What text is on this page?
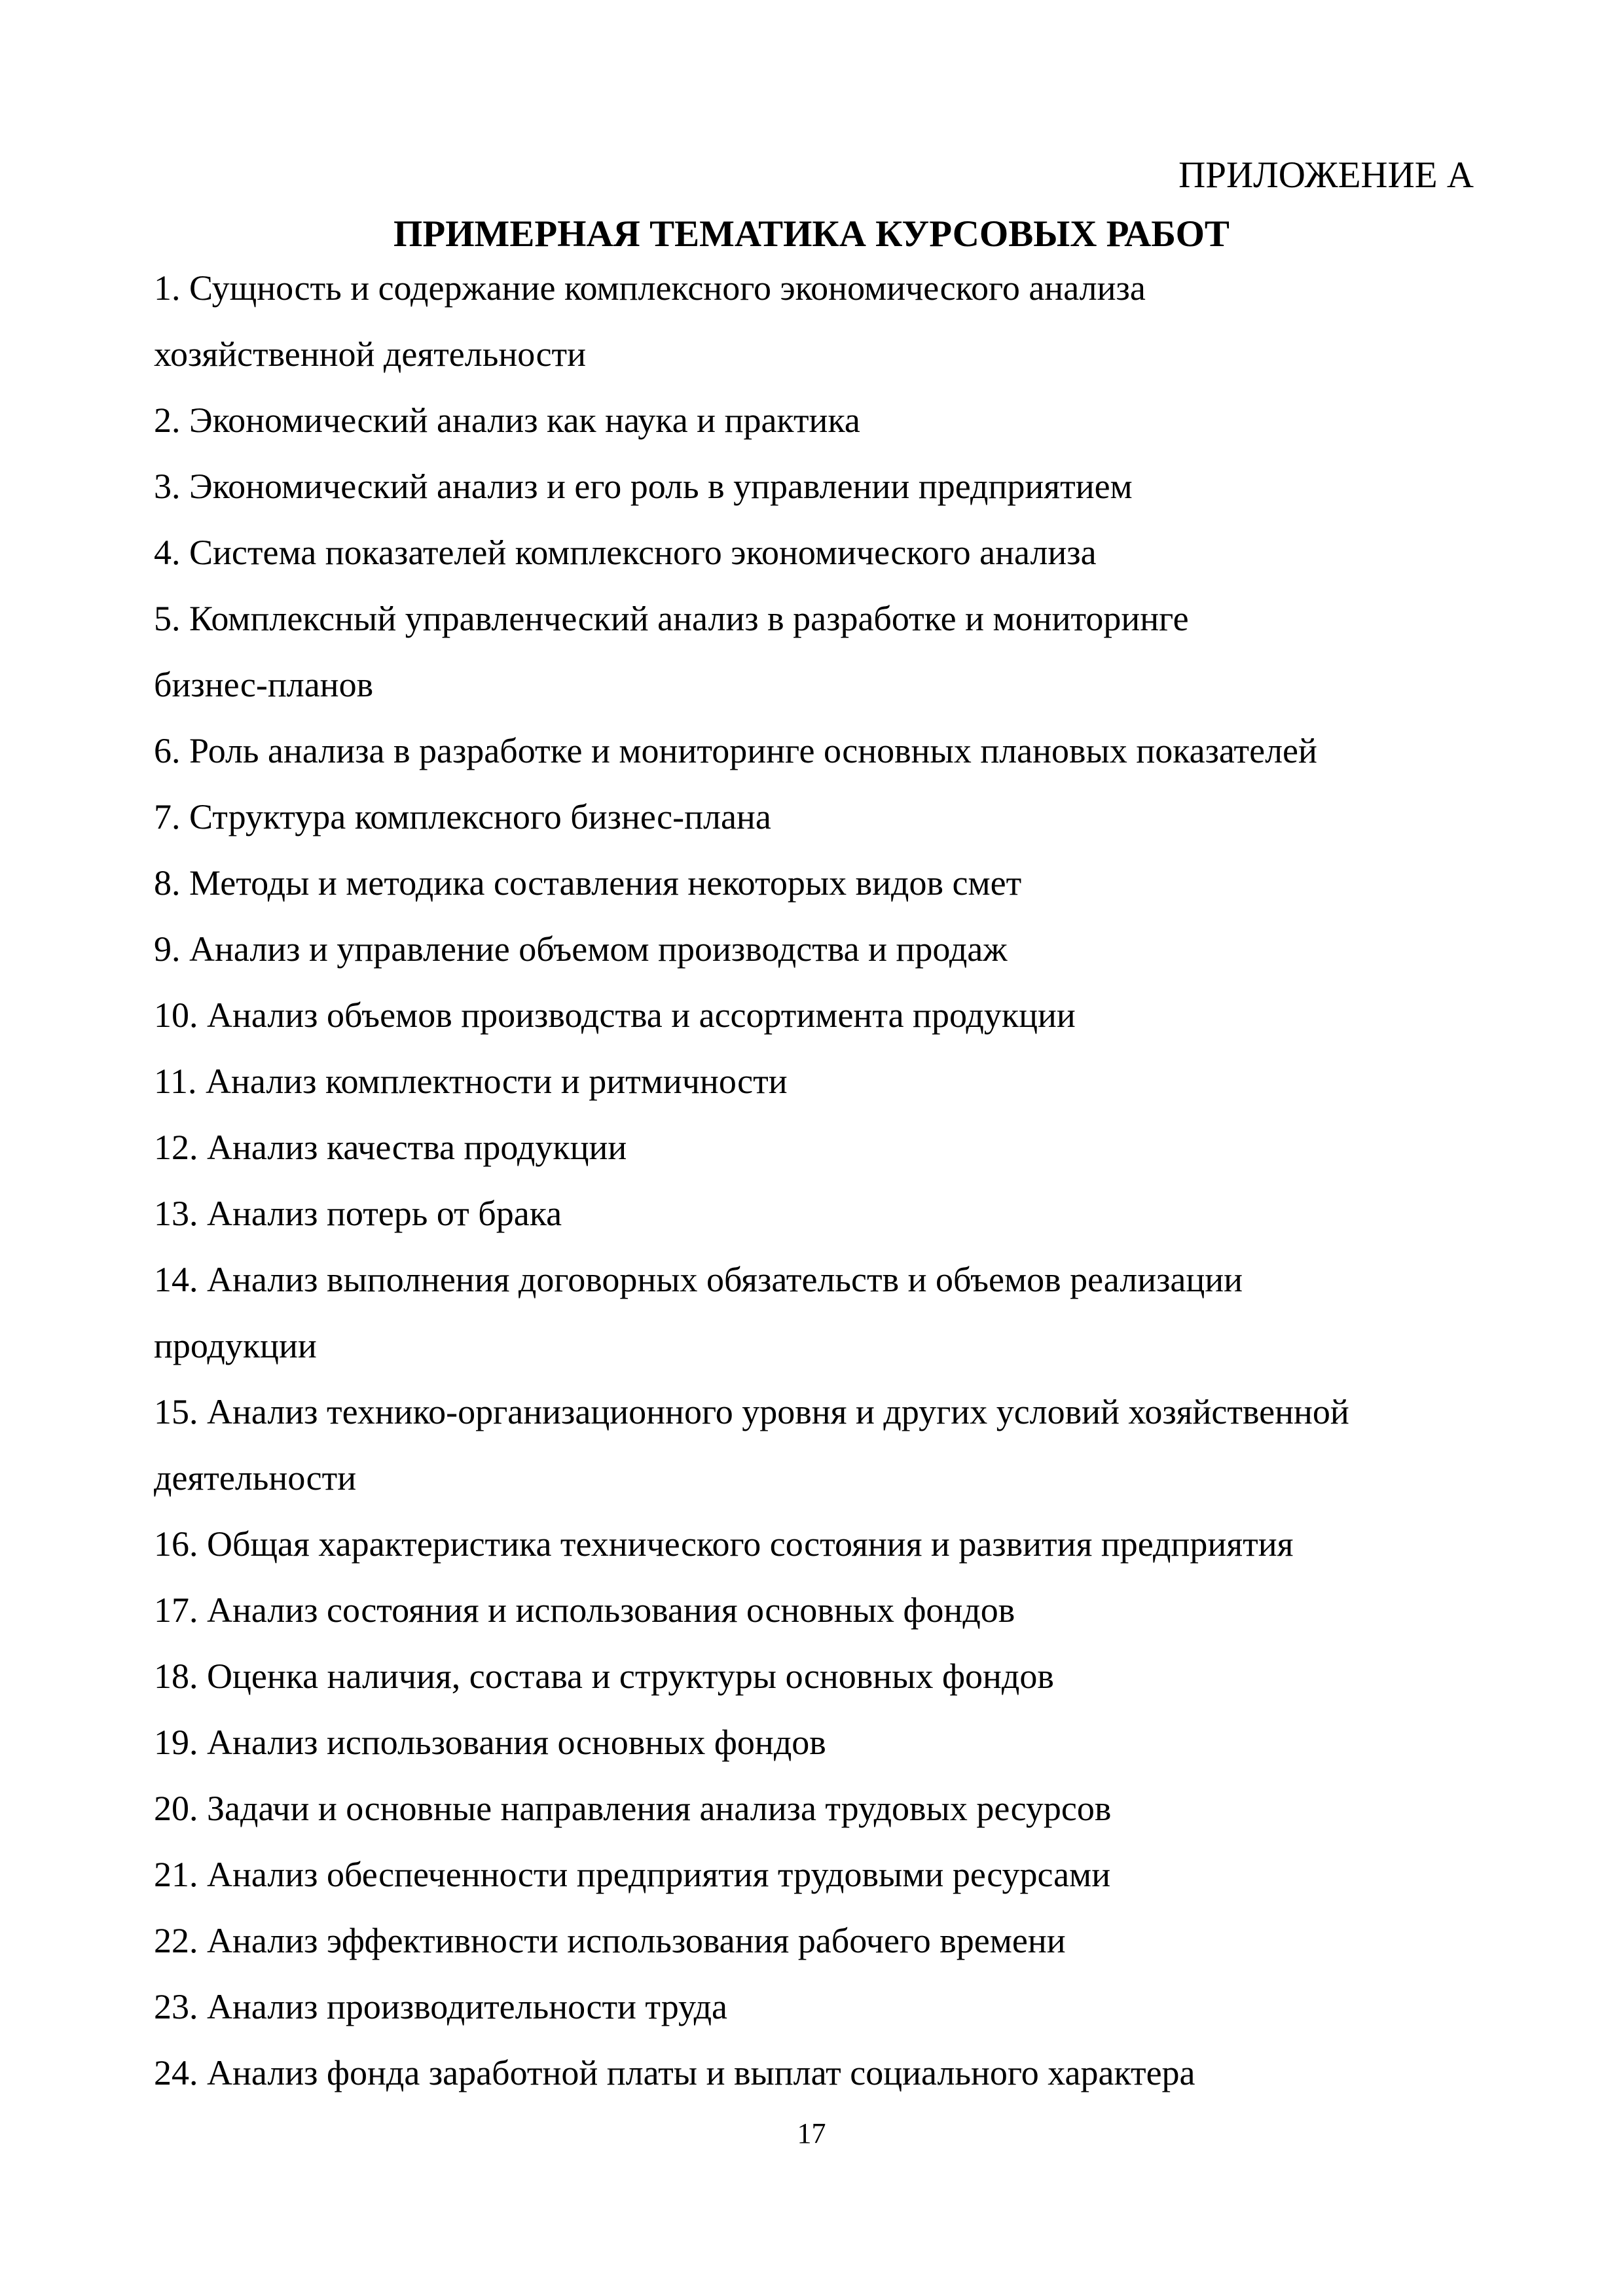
ПРИЛОЖЕНИЕ А
ПРИМЕРНАЯ ТЕМАТИКА КУРСОВЫХ РАБОТ
1. Сущность и содержание комплексного экономического анализа
хозяйственной деятельности
2. Экономический анализ как наука и практика
3. Экономический анализ и его роль в управлении предприятием
4. Система показателей комплексного экономического анализа
5. Комплексный управленческий анализ в разработке и мониторинге
бизнес-планов
6. Роль анализа в разработке и мониторинге основных плановых показателей
7. Структура комплексного бизнес-плана
8. Методы и методика составления некоторых видов смет
9. Анализ и управление объемом производства и продаж
10. Анализ объемов производства и ассортимента продукции
11. Анализ комплектности и ритмичности
12. Анализ качества продукции
13. Анализ потерь от брака
14. Анализ выполнения договорных обязательств и объемов реализации
продукции
15. Анализ технико-организационного уровня и других условий хозяйственной
деятельности
16. Общая характеристика технического состояния и развития предприятия
17. Анализ состояния и использования основных фондов
18. Оценка наличия, состава и структуры основных фондов
19. Анализ использования основных фондов
20. Задачи и основные направления анализа трудовых ресурсов
21. Анализ обеспеченности предприятия трудовыми ресурсами
22. Анализ эффективности использования рабочего времени
23. Анализ производительности труда
24. Анализ фонда заработной платы и выплат социального характера
17
